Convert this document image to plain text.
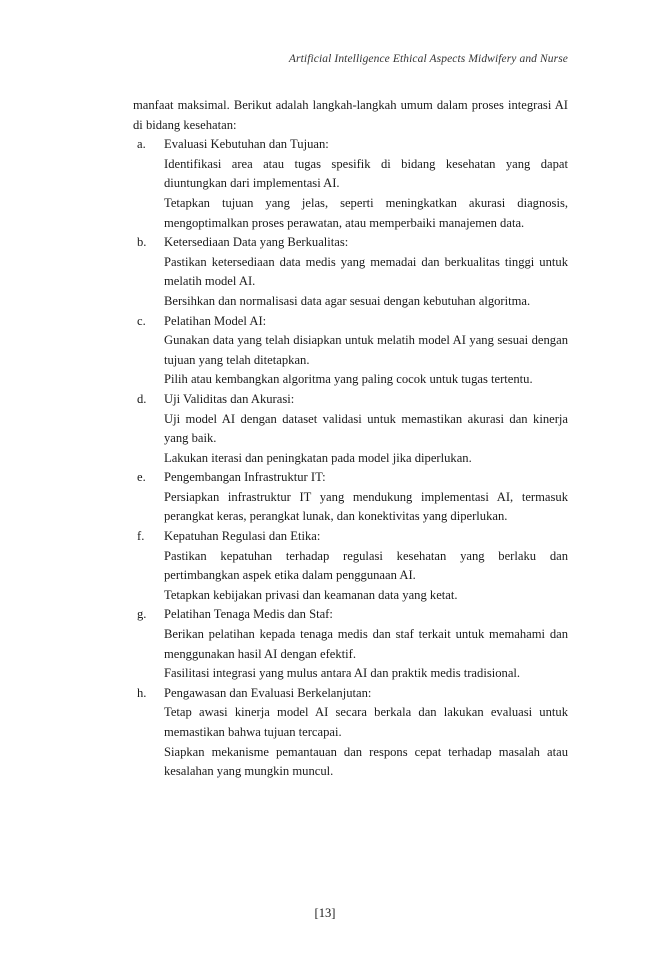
Artificial Intelligence Ethical Aspects Midwifery and Nurse

manfaat maksimal. Berikut adalah langkah-langkah umum dalam proses integrasi AI di bidang kesehatan:

a. Evaluasi Kebutuhan dan Tujuan:

Identifikasi area atau tugas spesifik di bidang kesehatan yang dapat diuntungkan dari implementasi AI.

Tetapkan tujuan yang jelas, seperti meningkatkan akurasi diagnosis, mengoptimalkan proses perawatan, atau memperbaiki manajemen data.

b. Ketersediaan Data yang Berkualitas:

Pastikan ketersediaan data medis yang memadai dan berkualitas tinggi untuk melatih model AI.

Bersihkan dan normalisasi data agar sesuai dengan kebutuhan algoritma.

c. Pelatihan Model AI:

Gunakan data yang telah disiapkan untuk melatih model AI yang sesuai dengan tujuan yang telah ditetapkan.

Pilih atau kembangkan algoritma yang paling cocok untuk tugas tertentu.

d. Uji Validitas dan Akurasi:

Uji model AI dengan dataset validasi untuk memastikan akurasi dan kinerja yang baik.

Lakukan iterasi dan peningkatan pada model jika diperlukan.

e. Pengembangan Infrastruktur IT:

Persiapkan infrastruktur IT yang mendukung implementasi AI, termasuk perangkat keras, perangkat lunak, dan konektivitas yang diperlukan.

f. Kepatuhan Regulasi dan Etika:

Pastikan kepatuhan terhadap regulasi kesehatan yang berlaku dan pertimbangkan aspek etika dalam penggunaan AI.

Tetapkan kebijakan privasi dan keamanan data yang ketat.

g. Pelatihan Tenaga Medis dan Staf:

Berikan pelatihan kepada tenaga medis dan staf terkait untuk memahami dan menggunakan hasil AI dengan efektif.

Fasilitasi integrasi yang mulus antara AI dan praktik medis tradisional.

h. Pengawasan dan Evaluasi Berkelanjutan:

Tetap awasi kinerja model AI secara berkala dan lakukan evaluasi untuk memastikan bahwa tujuan tercapai.

Siapkan mekanisme pemantauan dan respons cepat terhadap masalah atau kesalahan yang mungkin muncul.

[13]
